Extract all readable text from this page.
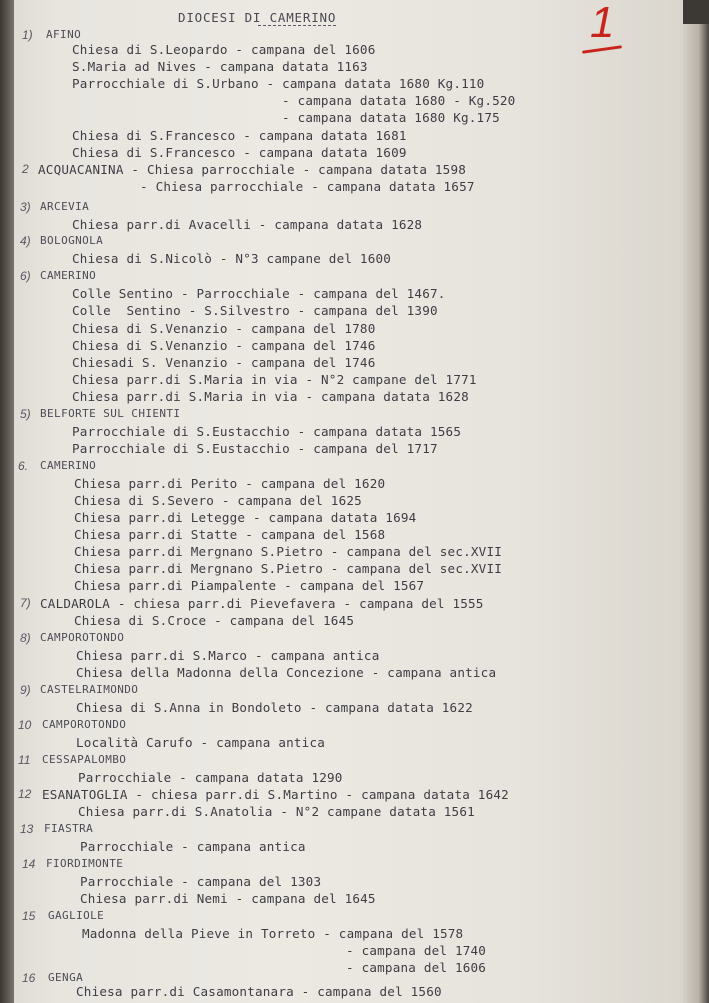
DIOCESI DI CAMERINO	1
AFINO
1)
Chiesa di S.Leopardo - campana del 1606
S.Maria ad Nives - campana datata 1163
Parrocchiale di S.Urbano - campana datata 1680 Kg.110
- campana datata 1680 - Kg.520
- campana datata 1680 Kg.175
Chiesa di S.Francesco - campana datata 1681
Chiesa di S.Francesco - campana datata 1609
ACQUACANINA - Chiesa parrocchiale - campana datata 1598
2
- Chiesa parrocchiale - campana datata 1657
ARCEVIA
3)
Chiesa parr.di Avacelli - campana datata 1628
BOLOGNOLA
4)
Chiesa di S.Nicolò - N°3 campane del 1600
CAMERINO
6)
Colle Sentino - Parrocchiale - campana del 1467.
Colle  Sentino - S.Silvestro - campana del 1390
Chiesa di S.Venanzio - campana del 1780
Chiesa di S.Venanzio - campana del 1746
Chiesadi S. Venanzio - campana del 1746
Chiesa parr.di S.Maria in via - N°2 campane del 1771
Chiesa parr.di S.Maria in via - campana datata 1628
BELFORTE SUL CHIENTI
5)
Parrocchiale di S.Eustacchio - campana datata 1565
Parrocchiale di S.Eustacchio - campana del 1717
CAMERINO
6.
Chiesa parr.di Perito - campana del 1620
Chiesa di S.Severo - campana del 1625
Chiesa parr.di Letegge - campana datata 1694
Chiesa parr.di Statte - campana del 1568
Chiesa parr.di Mergnano S.Pietro - campana del sec.XVII
Chiesa parr.di Mergnano S.Pietro - campana del sec.XVII
Chiesa parr.di Piampalente - campana del 1567
CALDAROLA - chiesa parr.di Pievefavera - campana del 1555
7)
Chiesa di S.Croce - campana del 1645
CAMPOROTONDO
8)
Chiesa parr.di S.Marco - campana antica
Chiesa della Madonna della Concezione - campana antica
CASTELRAIMONDO
9)
Chiesa di S.Anna in Bondoleto - campana datata 1622
CAMPOROTONDO
10
Località Carufo - campana antica
CESSAPALOMBO
11
Parrocchiale - campana datata 1290
ESANATOGLIA - chiesa parr.di S.Martino - campana datata 1642
12
Chiesa parr.di S.Anatolia - N°2 campane datata 1561
FIASTRA
13
Parrocchiale - campana antica
FIORDIMONTE
14
Parrocchiale - campana del 1303
Chiesa parr.di Nemi - campana del 1645
GAGLIOLE
15
Madonna della Pieve in Torreto - campana del 1578
- campana del 1740
- campana del 1606
GENGA
16
Chiesa parr.di Casamontanara - campana del 1560
